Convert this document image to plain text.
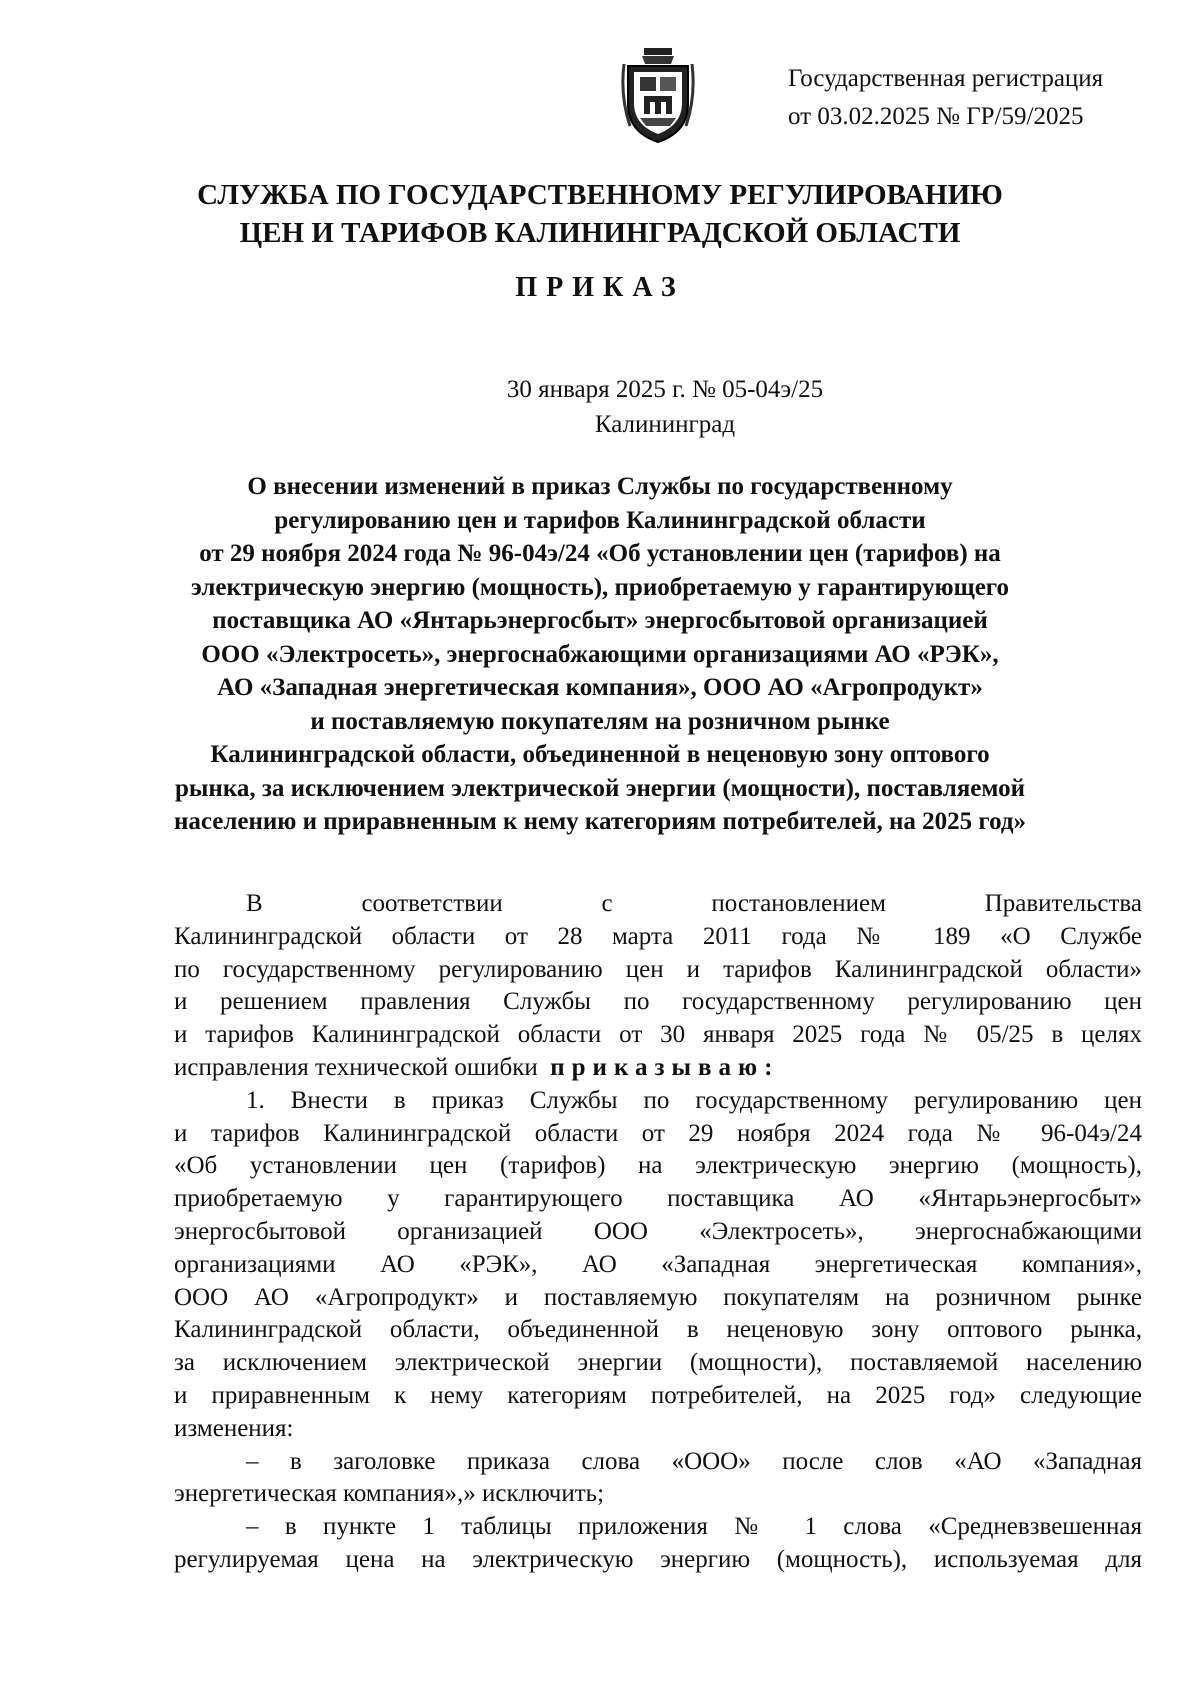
Государственная регистрация
от 03.02.2025 № ГР/59/2025
СЛУЖБА ПО ГОСУДАРСТВЕННОМУ РЕГУЛИРОВАНИЮ
ЦЕН И ТАРИФОВ КАЛИНИНГРАДСКОЙ ОБЛАСТИ
ПРИКАЗ
30 января 2025 г. № 05-04э/25
Калининград
О внесении изменений в приказ Службы по государственному
регулированию цен и тарифов Калининградской области
от 29 ноября 2024 года № 96-04э/24 «Об установлении цен (тарифов) на
электрическую энергию (мощность), приобретаемую у гарантирующего
поставщика АО «Янтарьэнергосбыт» энергосбытовой организацией
ООО «Электросеть», энергоснабжающими организациями АО «РЭК»,
АО «Западная энергетическая компания», ООО АО «Агропродукт»
и поставляемую покупателям на розничном рынке
Калининградской области, объединенной в неценовую зону оптового
рынка, за исключением электрической энергии (мощности), поставляемой
населению и приравненным к нему категориям потребителей, на 2025 год»
В соответствии с постановлением Правительства
Калининградской области от 28 марта 2011 года № 189 «О Службе
по государственному регулированию цен и тарифов Калининградской области»
и решением правления Службы по государственному регулированию цен
и тарифов Калининградской области от 30 января 2025 года № 05/25 в целях
исправления технической ошибки приказываю:
1. Внести в приказ Службы по государственному регулированию цен
и тарифов Калининградской области от 29 ноября 2024 года № 96-04э/24
«Об установлении цен (тарифов) на электрическую энергию (мощность),
приобретаемую у гарантирующего поставщика АО «Янтарьэнергосбыт»
энергосбытовой организацией ООО «Электросеть», энергоснабжающими
организациями АО «РЭК», АО «Западная энергетическая компания»,
ООО АО «Агропродукт» и поставляемую покупателям на розничном рынке
Калининградской области, объединенной в неценовую зону оптового рынка,
за исключением электрической энергии (мощности), поставляемой населению
и приравненным к нему категориям потребителей, на 2025 год» следующие
изменения:
– в заголовке приказа слова «ООО» после слов «АО «Западная
энергетическая компания»,» исключить;
– в пункте 1 таблицы приложения № 1 слова «Средневзвешенная
регулируемая цена на электрическую энергию (мощность), используемая для
